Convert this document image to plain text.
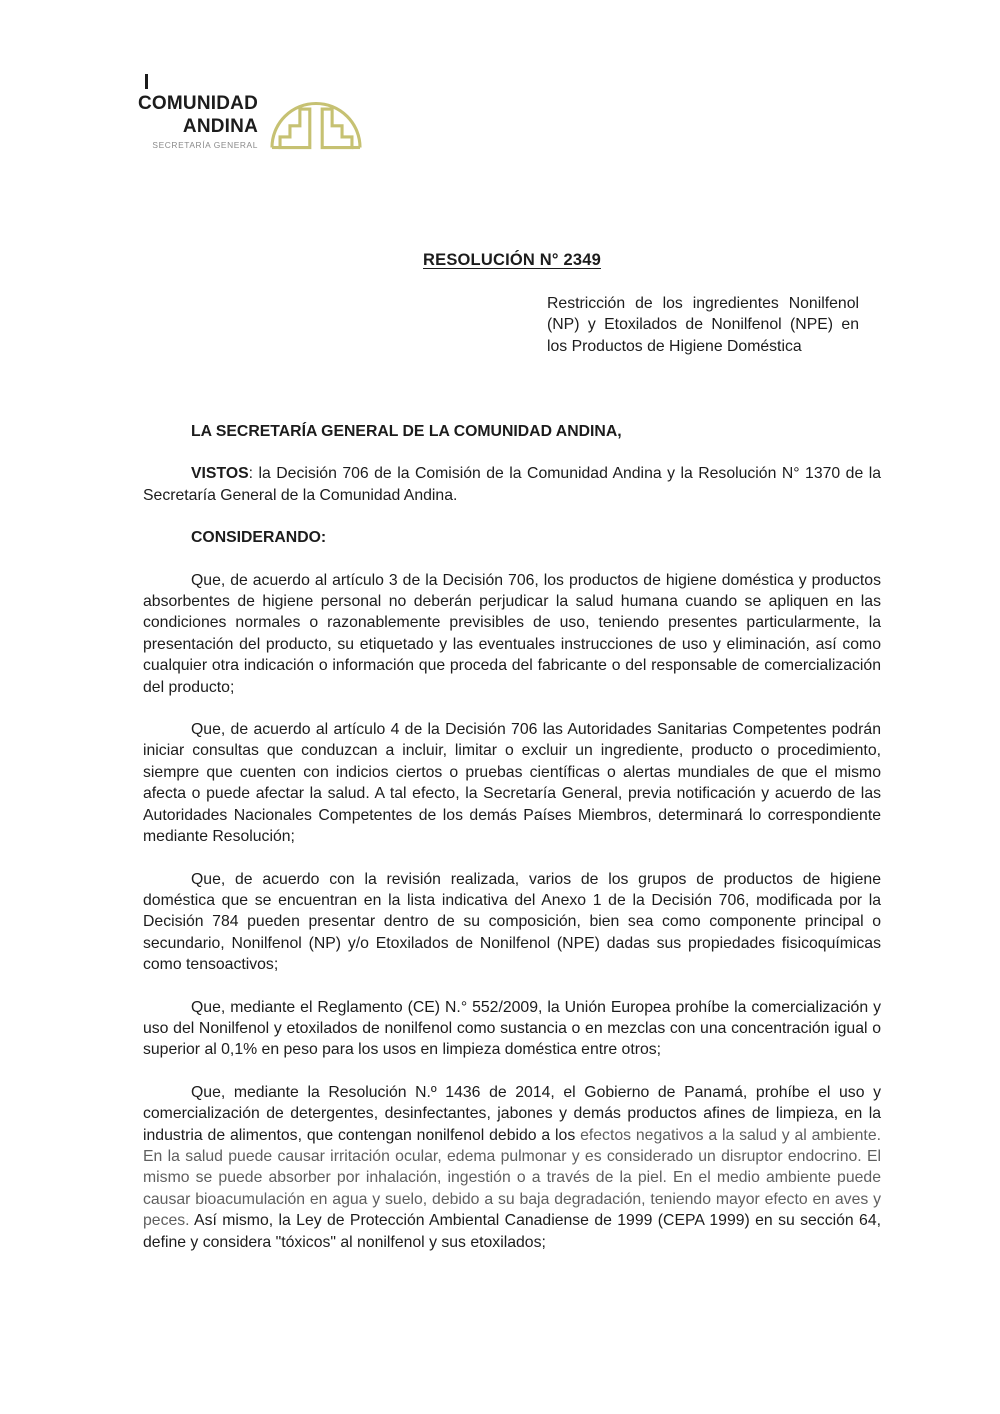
COMUNIDAD
ANDINA
SECRETARÍA GENERAL
RESOLUCIÓN N° 2349
Restricción de los ingredientes Nonilfenol (NP) y Etoxilados de Nonilfenol (NPE) en los Productos de Higiene Doméstica

LA SECRETARÍA GENERAL DE LA COMUNIDAD ANDINA,

VISTOS: la Decisión 706 de la Comisión de la Comunidad Andina y la Resolución N° 1370 de la Secretaría General de la Comunidad Andina.

CONSIDERANDO:

Que, de acuerdo al artículo 3 de la Decisión 706, los productos de higiene doméstica y productos absorbentes de higiene personal no deberán perjudicar la salud humana cuando se apliquen en las condiciones normales o razonablemente previsibles de uso, teniendo presentes particularmente, la presentación del producto, su etiquetado y las eventuales instrucciones de uso y eliminación, así como cualquier otra indicación o información que proceda del fabricante o del responsable de comercialización del producto;

Que, de acuerdo al artículo 4 de la Decisión 706 las Autoridades Sanitarias Competentes podrán iniciar consultas que conduzcan a incluir, limitar o excluir un ingrediente, producto o procedimiento, siempre que cuenten con indicios ciertos o pruebas científicas o alertas mundiales de que el mismo afecta o puede afectar la salud. A tal efecto, la Secretaría General, previa notificación y acuerdo de las Autoridades Nacionales Competentes de los demás Países Miembros, determinará lo correspondiente mediante Resolución;

Que, de acuerdo con la revisión realizada, varios de los grupos de productos de higiene doméstica que se encuentran en la lista indicativa del Anexo 1 de la Decisión 706, modificada por la Decisión 784 pueden presentar dentro de su composición, bien sea como componente principal o secundario, Nonilfenol (NP) y/o Etoxilados de Nonilfenol (NPE) dadas sus propiedades fisicoquímicas como tensoactivos;

Que, mediante el Reglamento (CE) N.° 552/2009, la Unión Europea prohíbe la comercialización y uso del Nonilfenol y etoxilados de nonilfenol como sustancia o en mezclas con una concentración igual o superior al 0,1% en peso para los usos en limpieza doméstica entre otros;

Que, mediante la Resolución N.º 1436 de 2014, el Gobierno de Panamá, prohíbe el uso y comercialización de detergentes, desinfectantes, jabones y demás productos afines de limpieza, en la industria de alimentos, que contengan nonilfenol debido a los efectos negativos a la salud y al ambiente. En la salud puede causar irritación ocular, edema pulmonar y es considerado un disruptor endocrino. El mismo se puede absorber por inhalación, ingestión o a través de la piel. En el medio ambiente puede causar bioacumulación en agua y suelo, debido a su baja degradación, teniendo mayor efecto en aves y peces. Así mismo, la Ley de Protección Ambiental Canadiense de 1999 (CEPA 1999) en su sección 64, define y considera "tóxicos" al nonilfenol y sus etoxilados;
